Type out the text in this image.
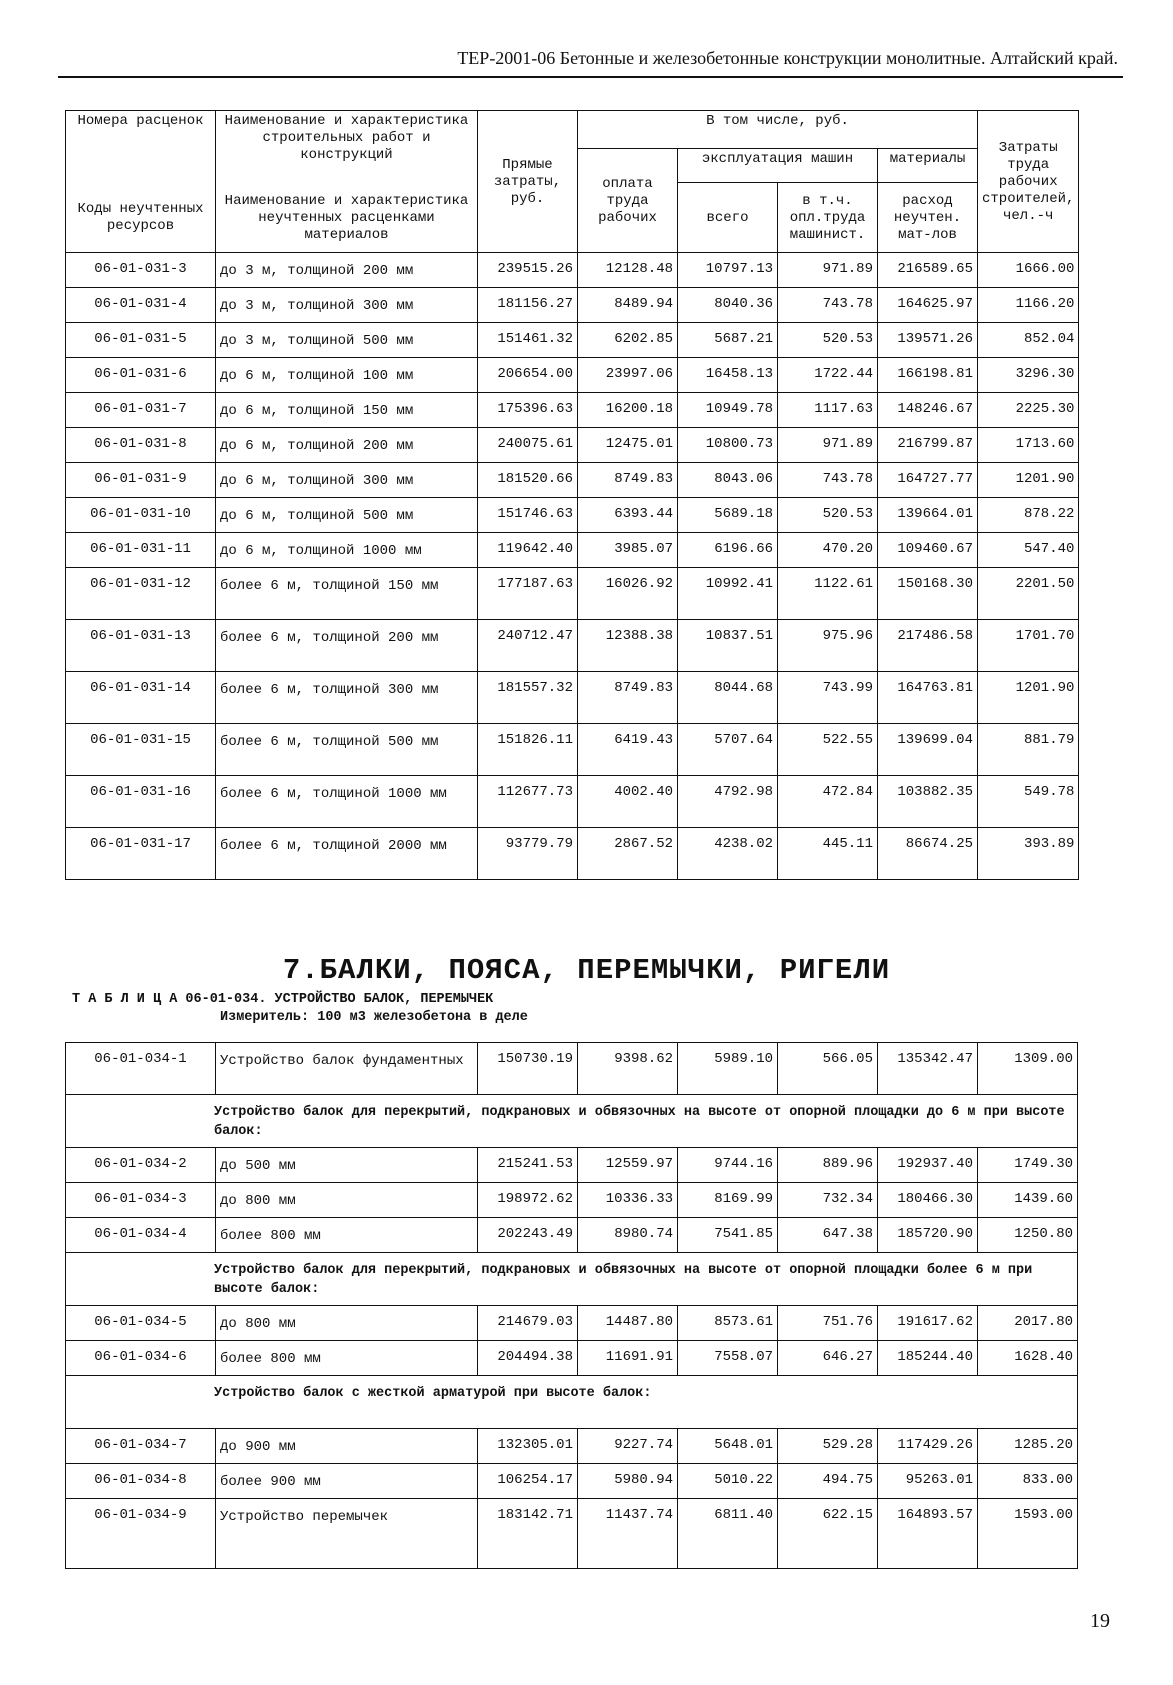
ТЕР-2001-06 Бетонные и железобетонные конструкции монолитные. Алтайский край.
Номера расценок	Наименование и характеристика строительных работ и конструкций	Прямые затраты, руб.	В том числе, руб.				Затраты труда рабочих строителей, чел.-ч
			оплата труда рабочих	эксплуатация машин		материалы	
Коды неучтенных ресурсов	Наименование и характеристика неучтенных расценками материалов			всего	в т.ч. опл.труда машинист.	расход неучтен. мат-лов	

06-01-031-3	до 3 м, толщиной 200 мм	239515.26	12128.48	10797.13	971.89	216589.65	1666.00
06-01-031-4	до 3 м, толщиной 300 мм	181156.27	8489.94	8040.36	743.78	164625.97	1166.20
06-01-031-5	до 3 м, толщиной 500 мм	151461.32	6202.85	5687.21	520.53	139571.26	852.04
06-01-031-6	до 6 м, толщиной 100 мм	206654.00	23997.06	16458.13	1722.44	166198.81	3296.30
06-01-031-7	до 6 м, толщиной 150 мм	175396.63	16200.18	10949.78	1117.63	148246.67	2225.30
06-01-031-8	до 6 м, толщиной 200 мм	240075.61	12475.01	10800.73	971.89	216799.87	1713.60
06-01-031-9	до 6 м, толщиной 300 мм	181520.66	8749.83	8043.06	743.78	164727.77	1201.90
06-01-031-10	до 6 м, толщиной 500 мм	151746.63	6393.44	5689.18	520.53	139664.01	878.22
06-01-031-11	до 6 м, толщиной 1000 мм	119642.40	3985.07	6196.66	470.20	109460.67	547.40
06-01-031-12	более 6 м, толщиной 150 мм	177187.63	16026.92	10992.41	1122.61	150168.30	2201.50
06-01-031-13	более 6 м, толщиной 200 мм	240712.47	12388.38	10837.51	975.96	217486.58	1701.70
06-01-031-14	более 6 м, толщиной 300 мм	181557.32	8749.83	8044.68	743.99	164763.81	1201.90
06-01-031-15	более 6 м, толщиной 500 мм	151826.11	6419.43	5707.64	522.55	139699.04	881.79
06-01-031-16	более 6 м, толщиной 1000 мм	112677.73	4002.40	4792.98	472.84	103882.35	549.78
06-01-031-17	более 6 м, толщиной 2000 мм	93779.79	2867.52	4238.02	445.11	86674.25	393.89
7.БАЛКИ, ПОЯСА, ПЕРЕМЫЧКИ, РИГЕЛИ
Т А Б Л И Ц А 06-01-034. УСТРОЙСТВО БАЛОК, ПЕРЕМЫЧЕК
Измеритель: 100 м3 железобетона в деле
06-01-034-1	Устройство балок фундаментных	150730.19	9398.62	5989.10	566.05	135342.47	1309.00
Устройство балок для перекрытий, подкрановых и обвязочных на высоте от опорной площадки до 6 м при высоте балок:							
06-01-034-2	до 500 мм	215241.53	12559.97	9744.16	889.96	192937.40	1749.30
06-01-034-3	до 800 мм	198972.62	10336.33	8169.99	732.34	180466.30	1439.60
06-01-034-4	более 800 мм	202243.49	8980.74	7541.85	647.38	185720.90	1250.80
Устройство балок для перекрытий, подкрановых и обвязочных на высоте от опорной площадки более 6 м при высоте балок:							
06-01-034-5	до 800 мм	214679.03	14487.80	8573.61	751.76	191617.62	2017.80
06-01-034-6	более 800 мм	204494.38	11691.91	7558.07	646.27	185244.40	1628.40
Устройство балок с жесткой арматурой при высоте балок:							
06-01-034-7	до 900 мм	132305.01	9227.74	5648.01	529.28	117429.26	1285.20
06-01-034-8	более 900 мм	106254.17	5980.94	5010.22	494.75	95263.01	833.00
06-01-034-9	Устройство перемычек	183142.71	11437.74	6811.40	622.15	164893.57	1593.00
19
